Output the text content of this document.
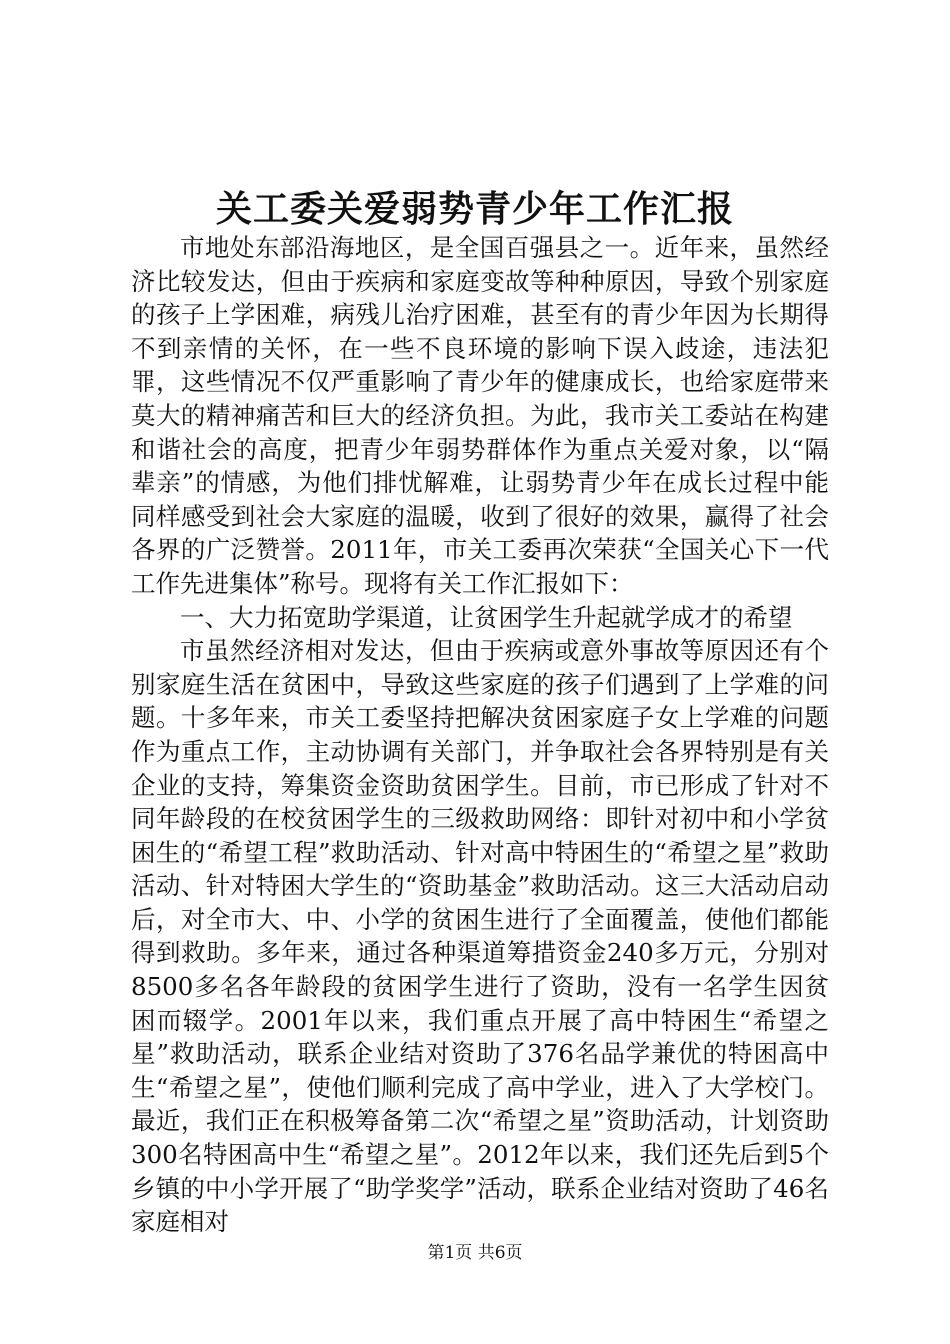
关工委关爱弱势青少年工作汇报

市地处东部沿海地区，是全国百强县之一。近年来，虽然经济比较发达，但由于疾病和家庭变故等种种原因，导致个别家庭的孩子上学困难，病残儿治疗困难，甚至有的青少年因为长期得不到亲情的关怀，在一些不良环境的影响下误入歧途，违法犯罪，这些情况不仅严重影响了青少年的健康成长，也给家庭带来莫大的精神痛苦和巨大的经济负担。为此，我市关工委站在构建和谐社会的高度，把青少年弱势群体作为重点关爱对象，以“隔辈亲”的情感，为他们排忧解难，让弱势青少年在成长过程中能同样感受到社会大家庭的温暖，收到了很好的效果，赢得了社会各界的广泛赞誉。2011年，市关工委再次荣获“全国关心下一代工作先进集体”称号。现将有关工作汇报如下：

一、大力拓宽助学渠道，让贫困学生升起就学成才的希望

市虽然经济相对发达，但由于疾病或意外事故等原因还有个别家庭生活在贫困中，导致这些家庭的孩子们遇到了上学难的问题。十多年来，市关工委坚持把解决贫困家庭子女上学难的问题作为重点工作，主动协调有关部门，并争取社会各界特别是有关企业的支持，筹集资金资助贫困学生。目前，市已形成了针对不同年龄段的在校贫困学生的三级救助网络：即针对初中和小学贫困生的“希望工程”救助活动、针对高中特困生的“希望之星”救助活动、针对特困大学生的“资助基金”救助活动。这三大活动启动后，对全市大、中、小学的贫困生进行了全面覆盖，使他们都能得到救助。多年来，通过各种渠道筹措资金240多万元，分别对8500多名各年龄段的贫困学生进行了资助，没有一名学生因贫困而辍学。2001年以来，我们重点开展了高中特困生“希望之星”救助活动，联系企业结对资助了376名品学兼优的特困高中生“希望之星”，使他们顺利完成了高中学业，进入了大学校门。最近，我们正在积极筹备第二次“希望之星”资助活动，计划资助300名特困高中生“希望之星”。2012年以来，我们还先后到5个乡镇的中小学开展了“助学奖学”活动，联系企业结对资助了46名家庭相对

第1页 共6页
